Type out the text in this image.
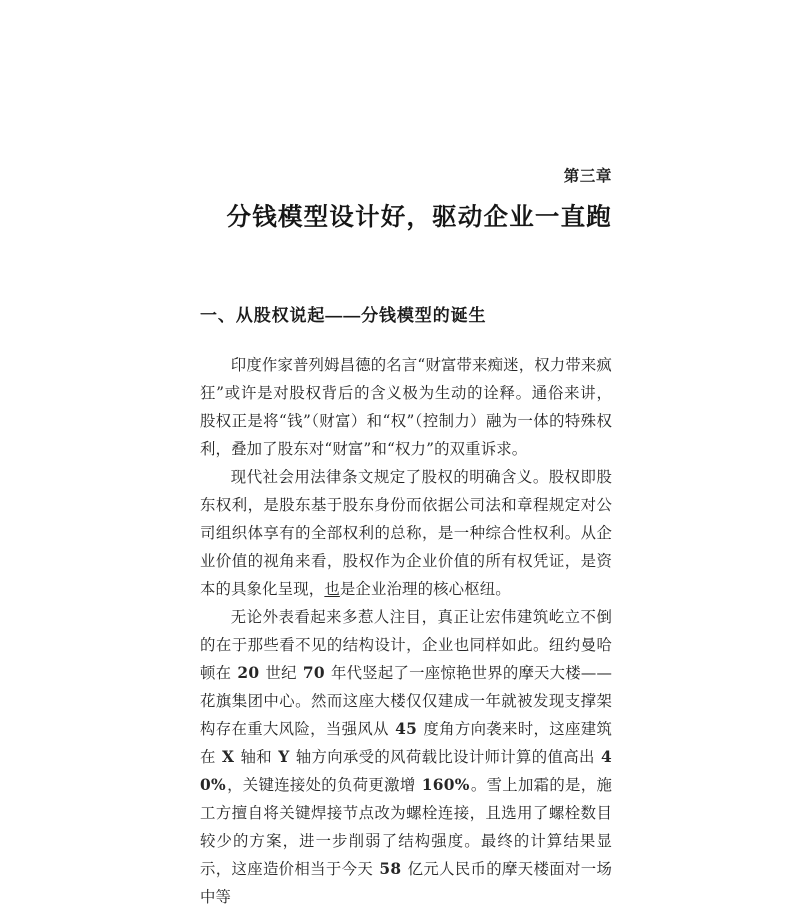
第三章
分钱模型设计好，驱动企业一直跑
一、从股权说起——分钱模型的诞生

印度作家普列姆昌德的名言“财富带来痴迷，权力带来疯狂”或许是对股权背后的含义极为生动的诠释。通俗来讲，股权正是将“钱”（财富）和“权”（控制力）融为一体的特殊权利，叠加了股东对“财富”和“权力”的双重诉求。

现代社会用法律条文规定了股权的明确含义。股权即股东权利，是股东基于股东身份而依据公司法和章程规定对公司组织体享有的全部权利的总称，是一种综合性权利。从企业价值的视角来看，股权作为企业价值的所有权凭证，是资本的具象化呈现，也是企业治理的核心枢纽。

无论外表看起来多惹人注目，真正让宏伟建筑屹立不倒的在于那些看不见的结构设计，企业也同样如此。纽约曼哈顿在 20 世纪 70 年代竖起了一座惊艳世界的摩天大楼——花旗集团中心。然而这座大楼仅仅建成一年就被发现支撑架构存在重大风险，当强风从 45 度角方向袭来时，这座建筑在 X 轴和 Y 轴方向承受的风荷载比设计师计算的值高出 40%，关键连接处的负荷更激增 160%。雪上加霜的是，施工方擅自将关键焊接节点改为螺栓连接，且选用了螺栓数目较少的方案，进一步削弱了结构强度。最终的计算结果显示，这座造价相当于今天 58 亿元人民币的摩天楼面对一场中等
